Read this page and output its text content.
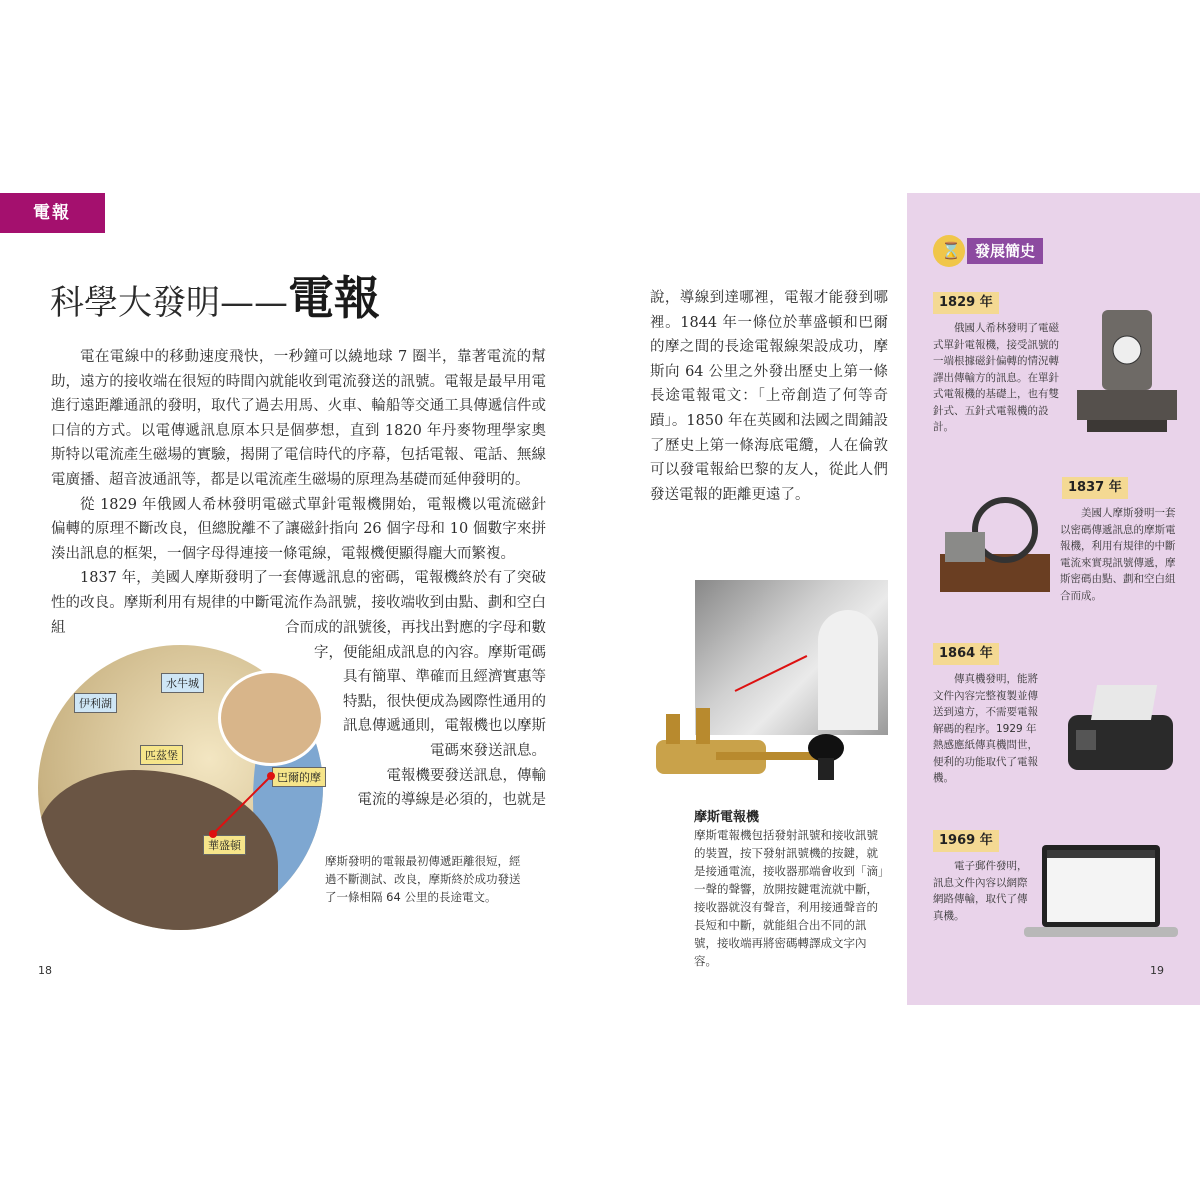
電報
科學大發明——電報

電在電線中的移動速度飛快，一秒鐘可以繞地球 7 圈半，靠著電流的幫助，遠方的接收端在很短的時間內就能收到電流發送的訊號。電報是最早用電進行遠距離通訊的發明，取代了過去用馬、火車、輪船等交通工具傳遞信件或口信的方式。以電傳遞訊息原本只是個夢想，直到 1820 年丹麥物理學家奧斯特以電流產生磁場的實驗，揭開了電信時代的序幕，包括電報、電話、無線電廣播、超音波通訊等，都是以電流產生磁場的原理為基礎而延伸發明的。

從 1829 年俄國人希林發明電磁式單針電報機開始，電報機以電流磁針偏轉的原理不斷改良，但總脫離不了讓磁針指向 26 個字母和 10 個數字來拼湊出訊息的框架，一個字母得連接一條電線，電報機便顯得龐大而繁複。

1837 年，美國人摩斯發明了一套傳遞訊息的密碼，電報機終於有了突破性的改良。摩斯利用有規律的中斷電流作為訊號，接收端收到由點、劃和空白組	合而成的訊號後，再找出對應的字母和數

字，便能組成訊息的內容。摩斯電碼

具有簡單、準確而且經濟實惠等

特點，很快便成為國際性通用的

訊息傳遞通則，電報機也以摩斯

電碼來發送訊息。

電報機要發送訊息，傳輸

電流的導線是必須的，也就是

伊利湖
水牛城
匹茲堡
巴爾的摩
華盛頓
摩斯發明的電報最初傳遞距離很短，經過不斷測試、改良，摩斯終於成功發送了一條相隔 64 公里的長途電文。
18

說，導線到達哪裡，電報才能發到哪裡。1844 年一條位於華盛頓和巴爾的摩之間的長途電報線架設成功，摩斯向 64 公里之外發出歷史上第一條長途電報電文：「上帝創造了何等奇蹟」。1850 年在英國和法國之間鋪設了歷史上第一條海底電纜，人在倫敦可以發電報給巴黎的友人，從此人們發送電報的距離更遠了。

摩斯電報機
摩斯電報機包括發射訊號和接收訊號的裝置，按下發射訊號機的按鍵，就是接通電流，接收器那端會收到「滴」一聲的聲響，放開按鍵電流就中斷，接收器就沒有聲音，利用接通聲音的長短和中斷，就能組合出不同的訊號，接收端再將密碼轉譯成文字內容。
⌛
發展簡史
1829 年

俄國人希林發明了電磁式單針電報機，接受訊號的一端根據磁針偏轉的情況轉譯出傳輸方的訊息。在單針式電報機的基礎上，也有雙針式、五針式電報機的設計。

1837 年

美國人摩斯發明一套以密碼傳遞訊息的摩斯電報機，利用有規律的中斷電流來實現訊號傳遞，摩斯密碼由點、劃和空白組合而成。

1864 年

傳真機發明，能將文件內容完整複製並傳送到遠方，不需要電報解碼的程序。1929 年熱感應紙傳真機問世，便利的功能取代了電報機。

1969 年

電子郵件發明，訊息文件內容以網際網路傳輸，取代了傳真機。

19
